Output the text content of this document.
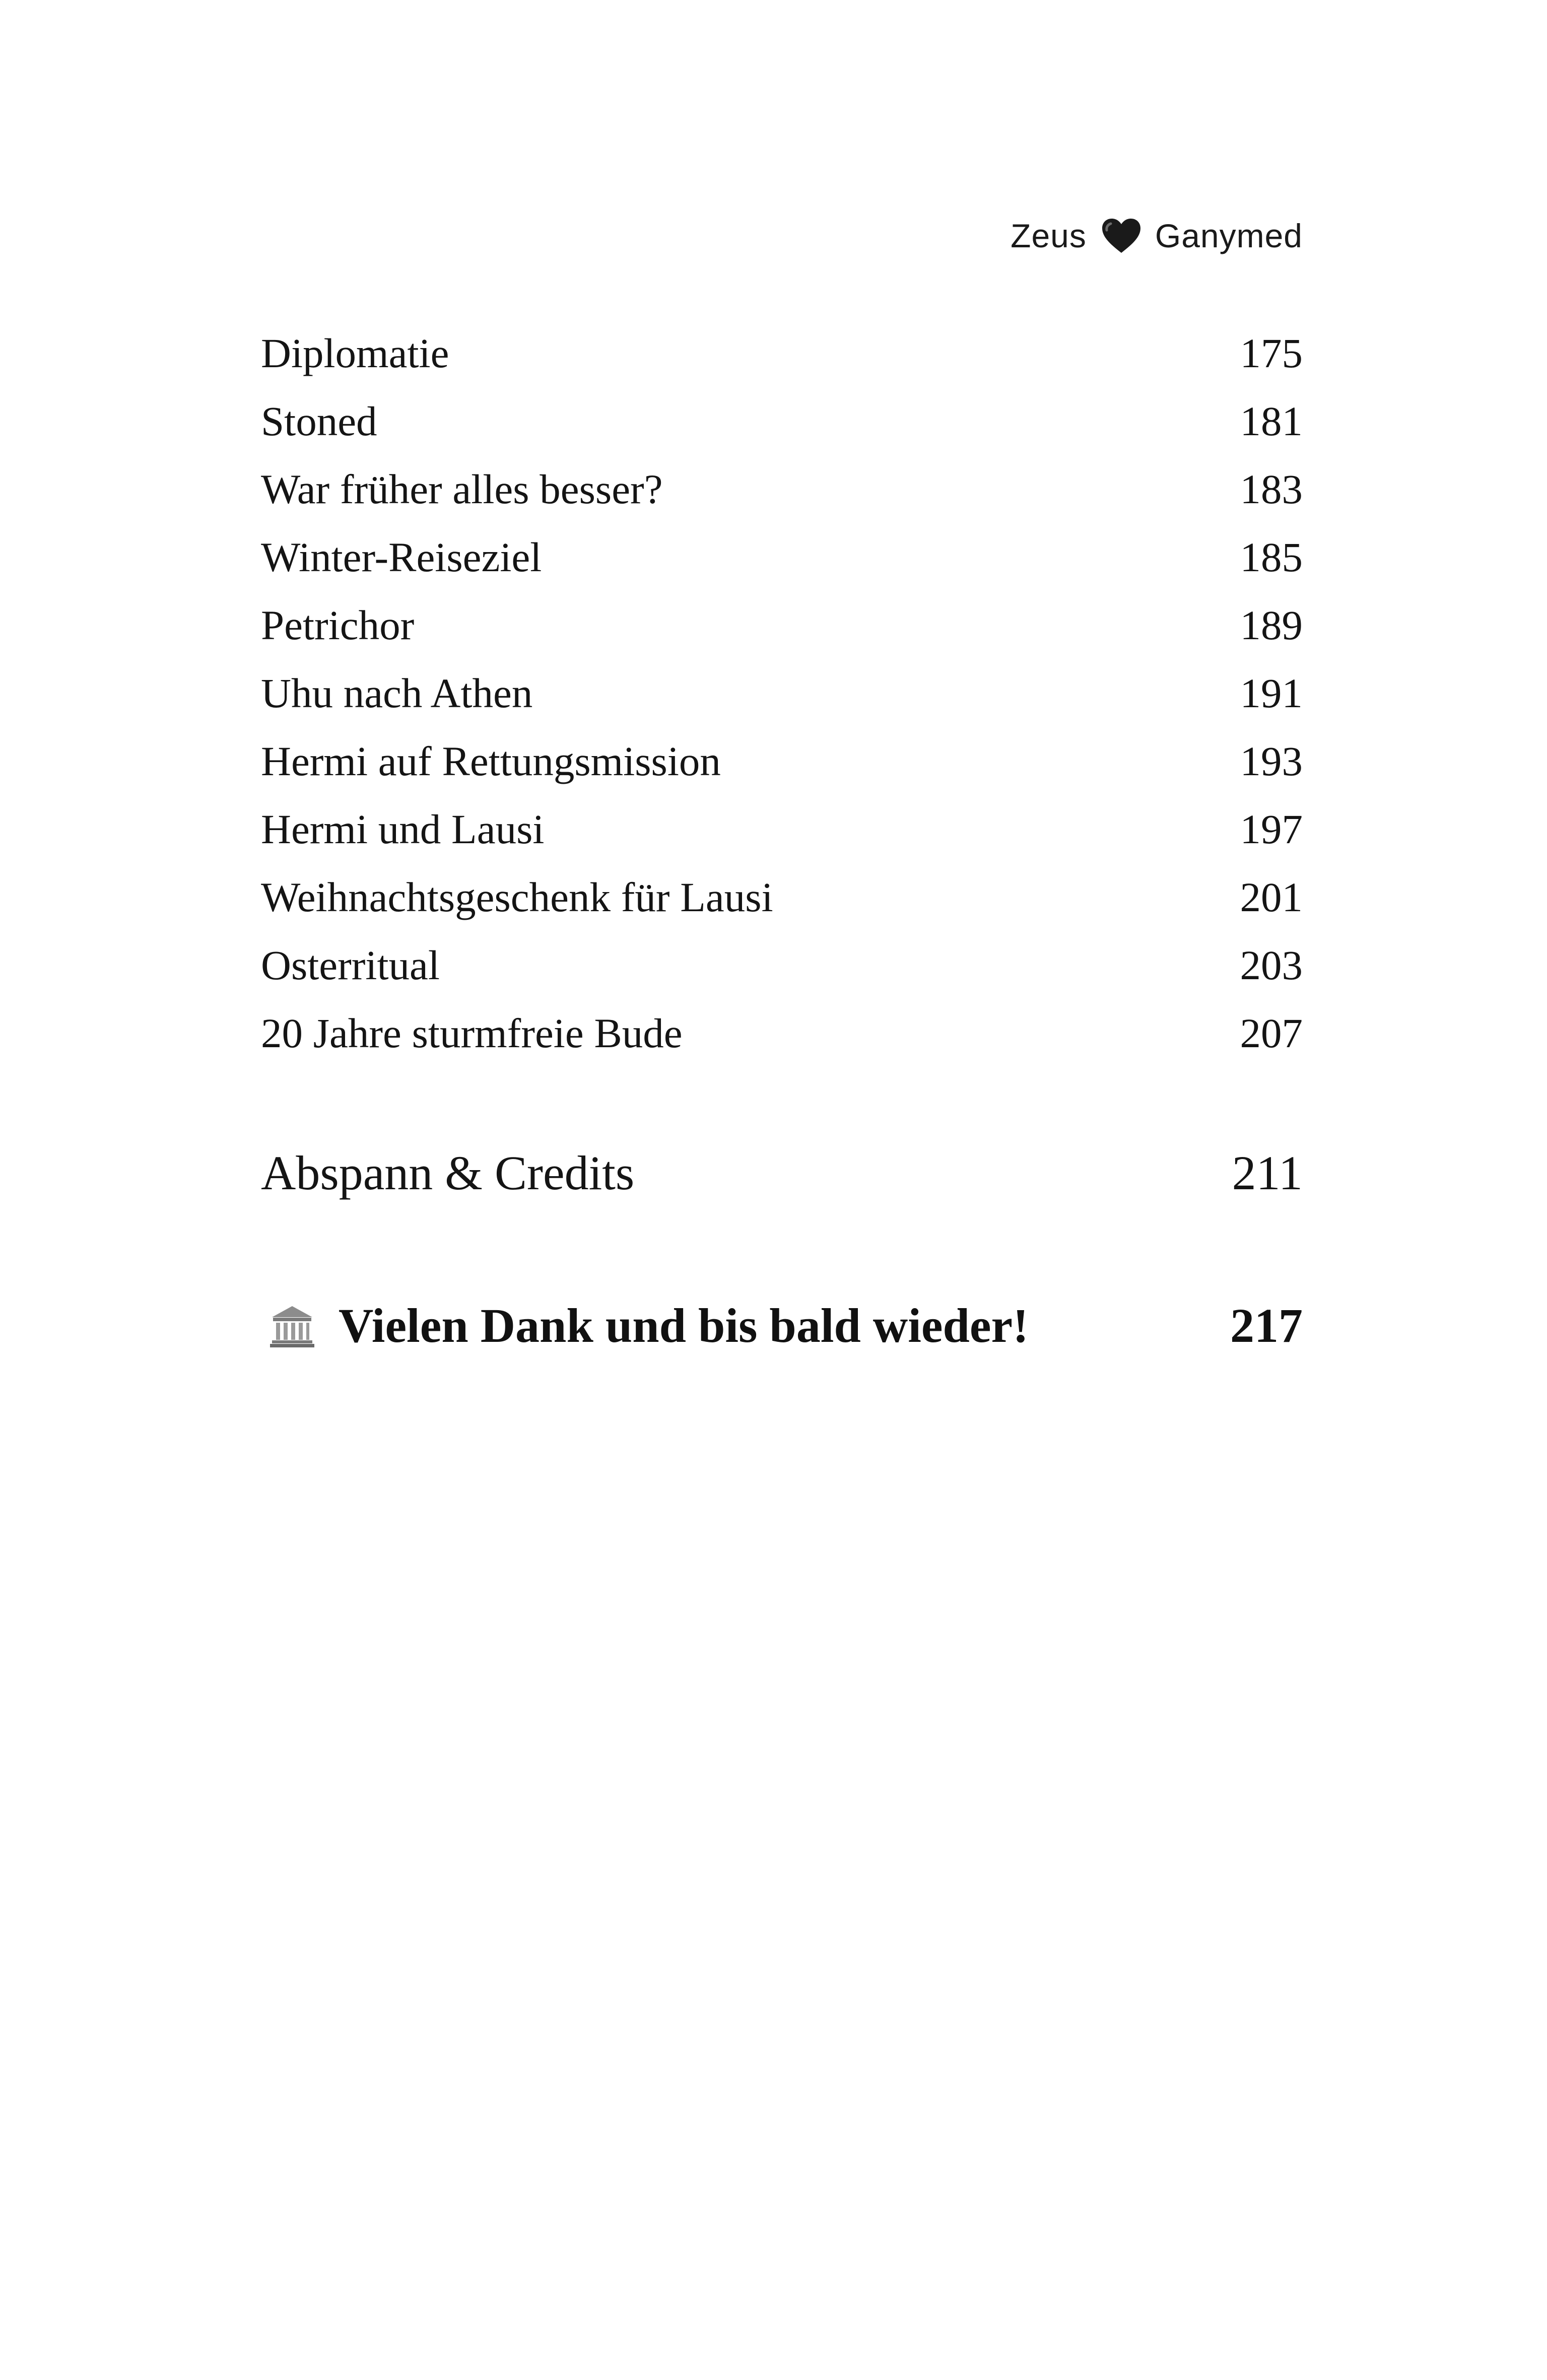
Zeus Ganymed
Diplomatie	175
Stoned	181
War früher alles besser?	183
Winter-Reiseziel	185
Petrichor	189
Uhu nach Athen	191
Hermi auf Rettungsmission	193
Hermi und Lausi	197
Weihnachtsgeschenk für Lausi	201
Osterritual	203
20 Jahre sturmfreie Bude	207
Abspann & Credits	211
Vielen Dank und bis bald wieder!	217
